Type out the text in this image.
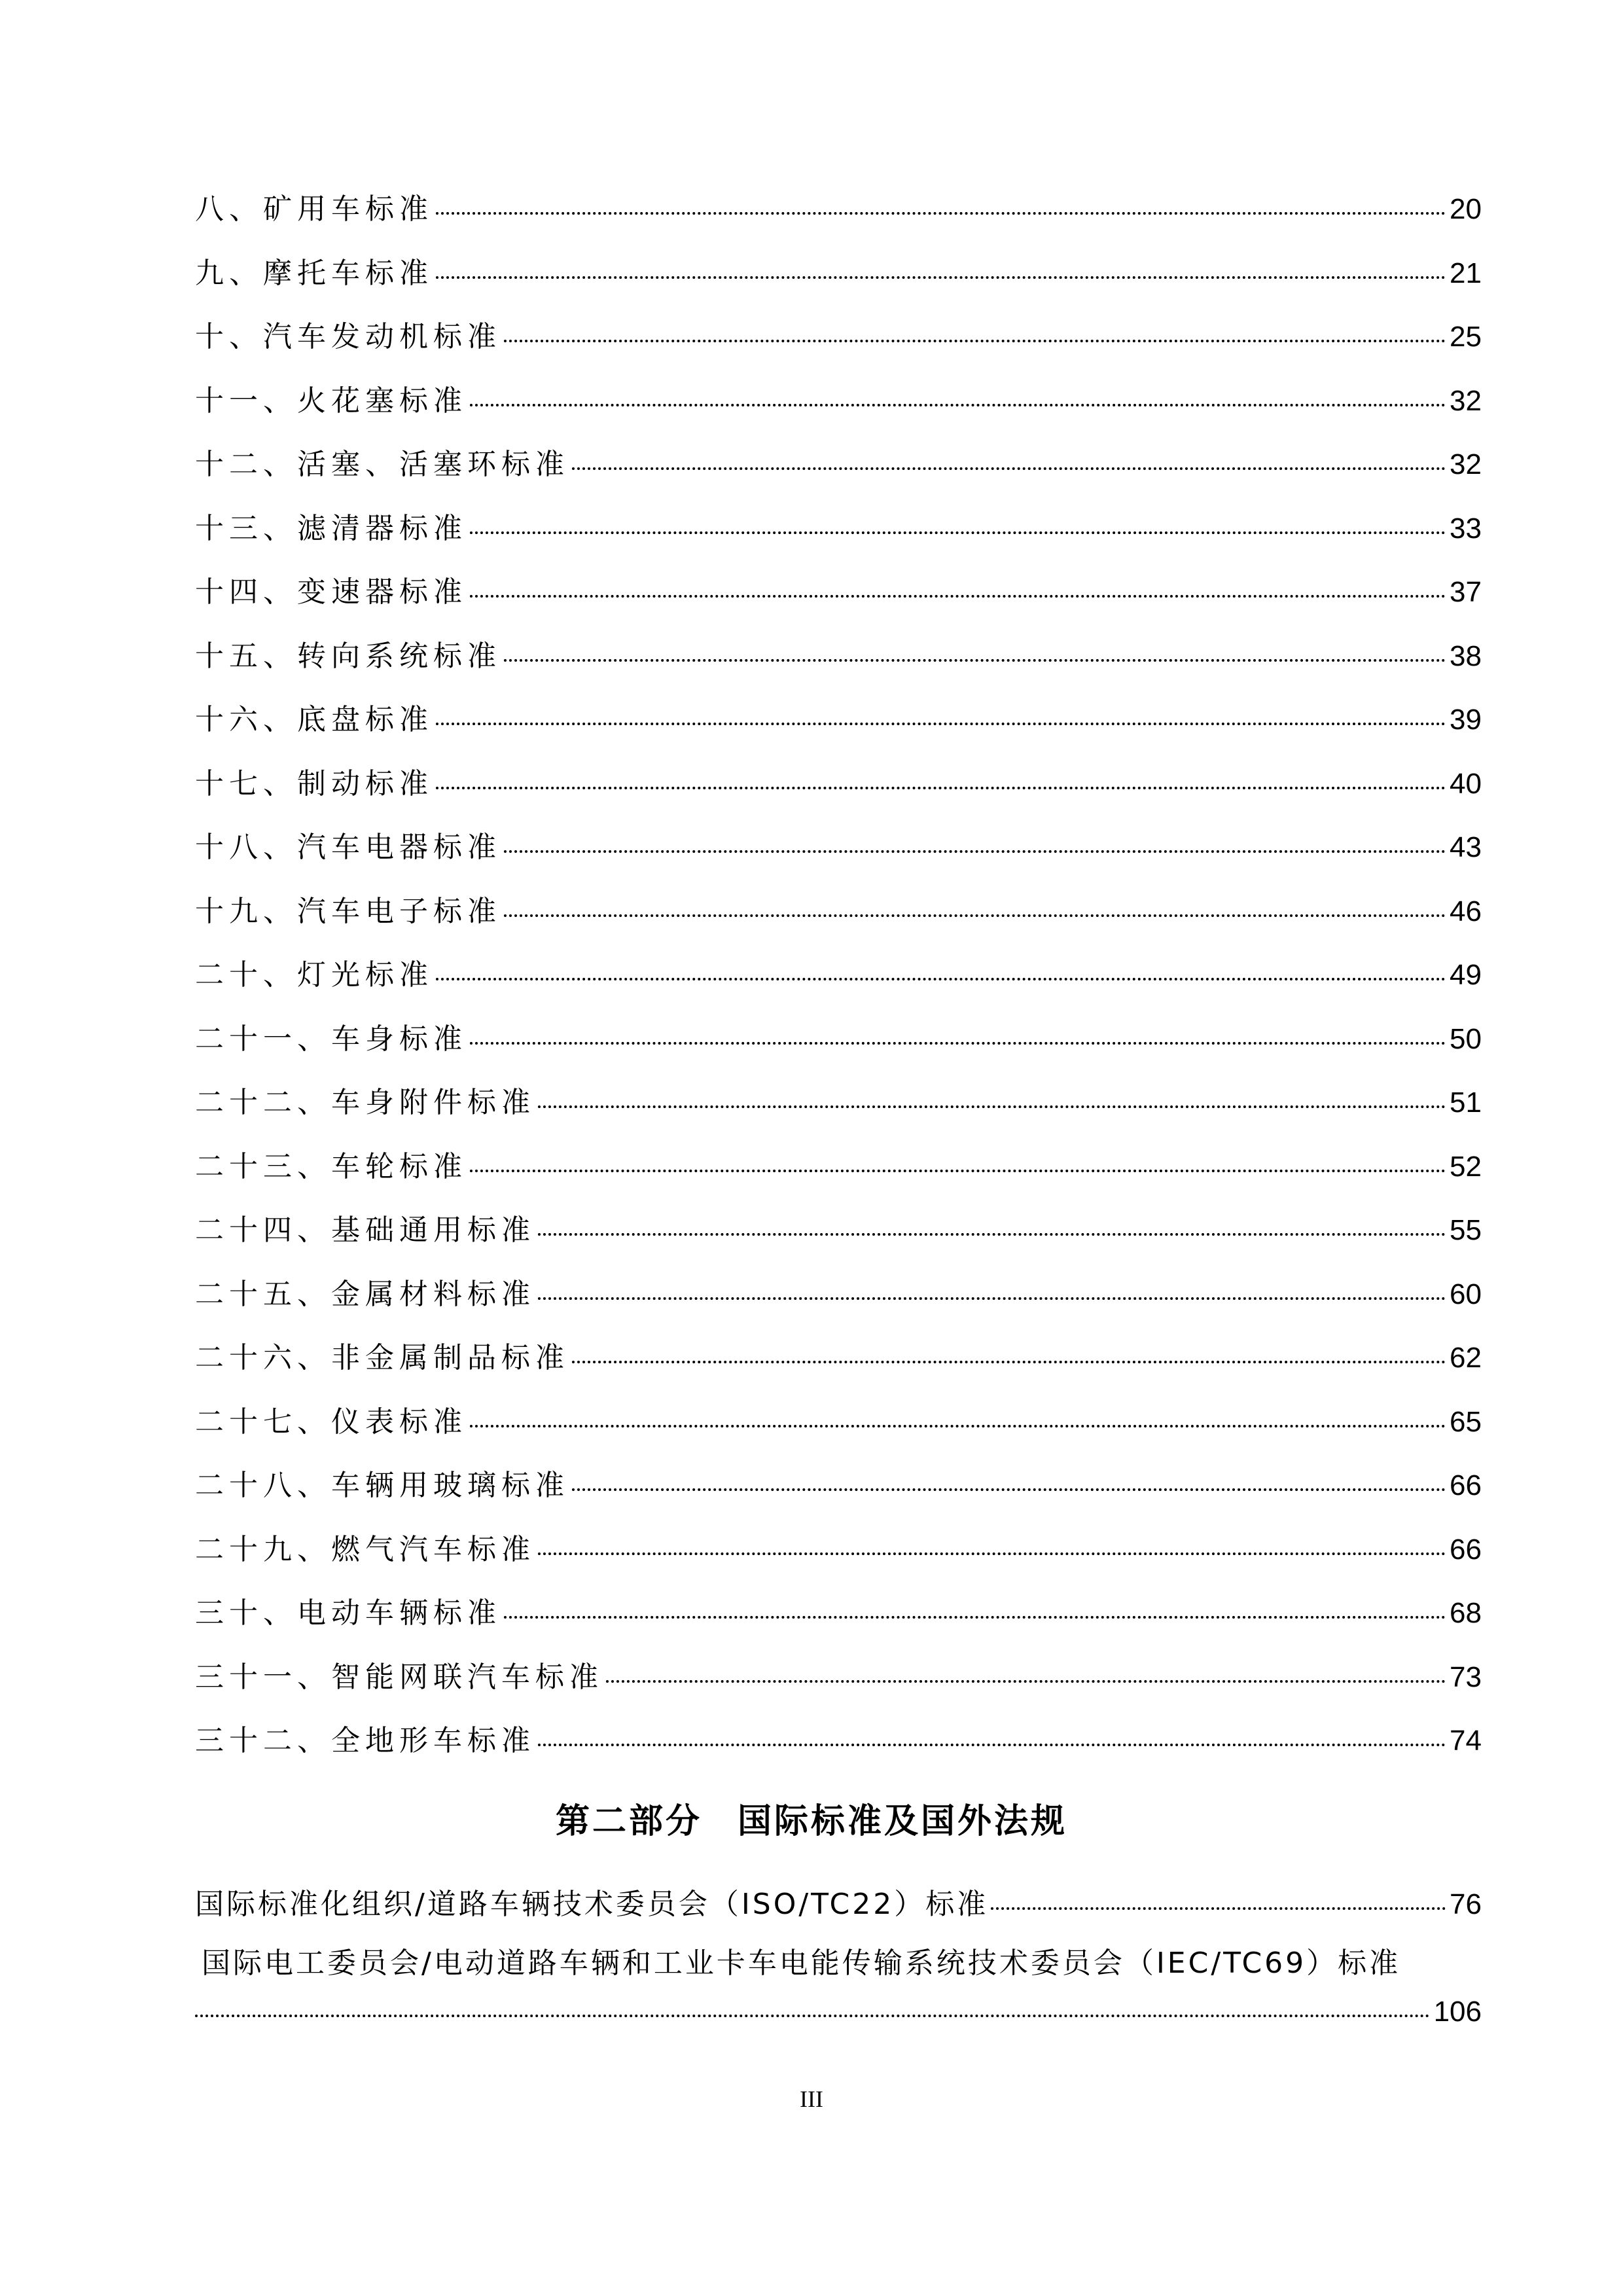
八、矿用车标准	20
九、摩托车标准	21
十、汽车发动机标准	25
十一、火花塞标准	32
十二、活塞、活塞环标准	32
十三、滤清器标准	33
十四、变速器标准	37
十五、转向系统标准	38
十六、底盘标准	39
十七、制动标准	40
十八、汽车电器标准	43
十九、汽车电子标准	46
二十、灯光标准	49
二十一、车身标准	50
二十二、车身附件标准	51
二十三、车轮标准	52
二十四、基础通用标准	55
二十五、金属材料标准	60
二十六、非金属制品标准	62
二十七、仪表标准	65
二十八、车辆用玻璃标准	66
二十九、燃气汽车标准	66
三十、电动车辆标准	68
三十一、智能网联汽车标准	73
三十二、全地形车标准	74
第二部分 国际标准及国外法规
国际标准化组织/道路车辆技术委员会（ISO/TC22）标准	76
国际电工委员会/电动道路车辆和工业卡车电能传输系统技术委员会（IEC/TC69）标准
106
III
